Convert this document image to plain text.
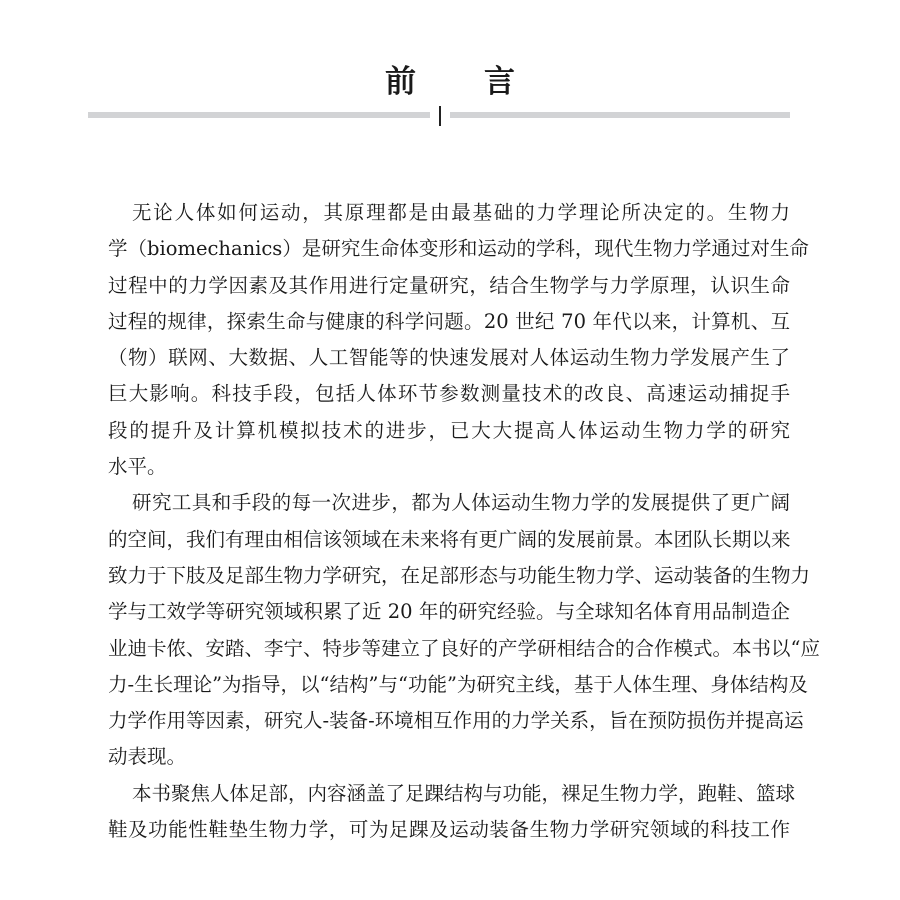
前 言
无论人体如何运动，其原理都是由最基础的力学理论所决定的。生物力
学（biomechanics）是研究生命体变形和运动的学科，现代生物力学通过对生命
过程中的力学因素及其作用进行定量研究，结合生物学与力学原理，认识生命
过程的规律，探索生命与健康的科学问题。20 世纪 70 年代以来，计算机、互
（物）联网、大数据、人工智能等的快速发展对人体运动生物力学发展产生了
巨大影响。科技手段，包括人体环节参数测量技术的改良、高速运动捕捉手
段的提升及计算机模拟技术的进步，已大大提高人体运动生物力学的研究
水平。
研究工具和手段的每一次进步，都为人体运动生物力学的发展提供了更广阔
的空间，我们有理由相信该领域在未来将有更广阔的发展前景。本团队长期以来
致力于下肢及足部生物力学研究，在足部形态与功能生物力学、运动装备的生物力
学与工效学等研究领域积累了近 20 年的研究经验。与全球知名体育用品制造企
业迪卡侬、安踏、李宁、特步等建立了良好的产学研相结合的合作模式。本书以“应
力-生长理论”为指导，以“结构”与“功能”为研究主线，基于人体生理、身体结构及
力学作用等因素，研究人-装备-环境相互作用的力学关系，旨在预防损伤并提高运
动表现。
本书聚焦人体足部，内容涵盖了足踝结构与功能，裸足生物力学，跑鞋、篮球
鞋及功能性鞋垫生物力学，可为足踝及运动装备生物力学研究领域的科技工作
